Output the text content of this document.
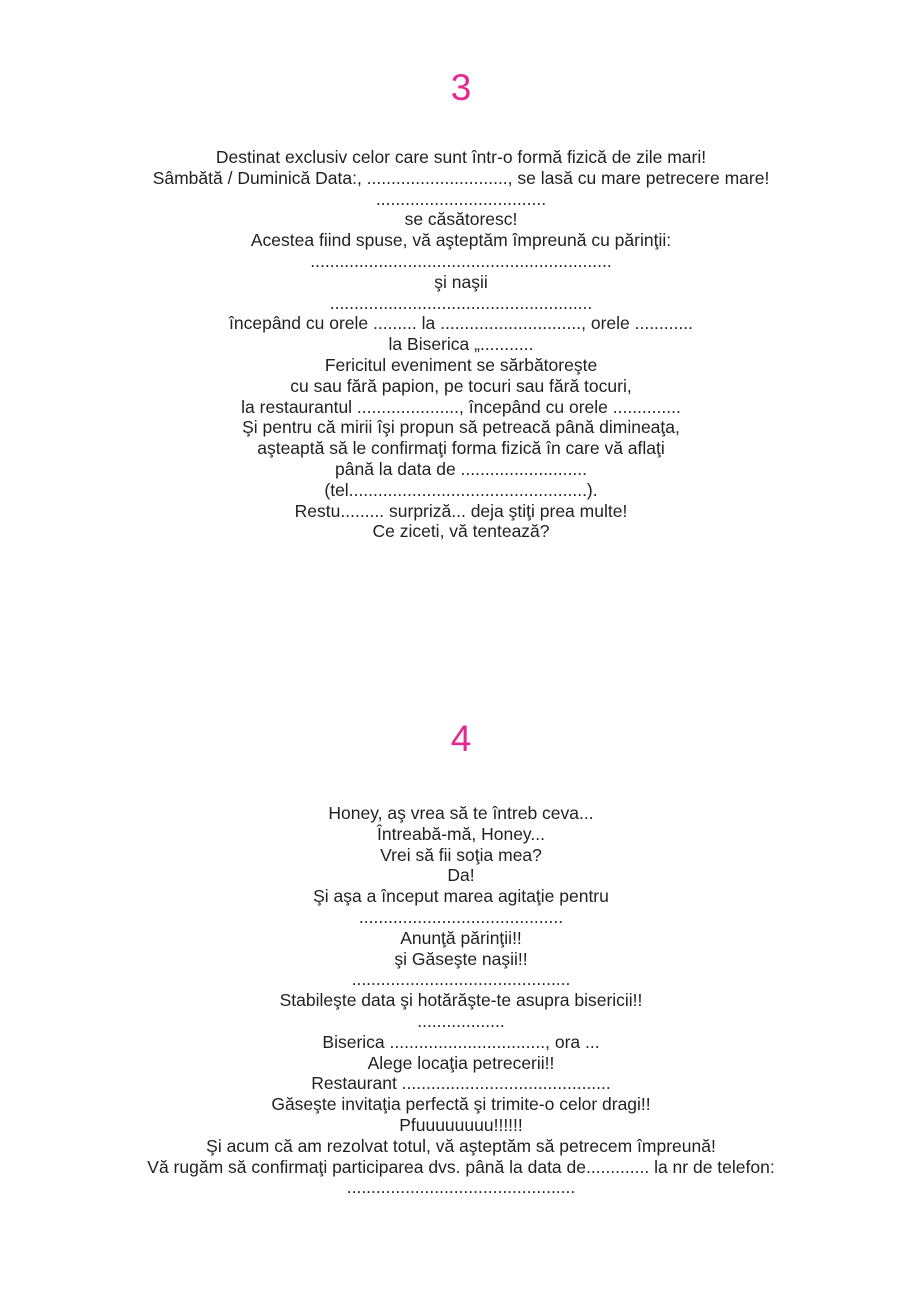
3
Destinat exclusiv celor care sunt într-o formă fizică de zile mari!
Sâmbătă / Duminică Data:, ............................., se lasă cu mare petrecere mare!
...................................
se căsătoresc!
Acestea fiind spuse, vă aşteptăm împreună cu părinţii:
..............................................................
şi naşii
......................................................
începând cu orele ......... la ............................., orele ............
la Biserica „...........
Fericitul eveniment se sărbătoreşte
cu sau fără papion, pe tocuri sau fără tocuri,
la restaurantul ....................., începând cu orele ..............
Şi pentru că mirii îşi propun să petreacă până dimineaţa,
aşteaptă să le confirmaţi forma fizică în care vă aflaţi
până la data de ..........................
(tel.................................................).
Restu......... surpriză... deja ştiţi prea multe!
Ce ziceti, vă tentează?
4
Honey, aş vrea să te întreb ceva...
Întreabă-mă, Honey...
Vrei să fii soţia mea?
Da!
Şi aşa a început marea agitaţie pentru
..........................................
Anunţă părinţii!!
şi Găseşte naşii!!
.............................................
Stabileşte data şi hotărăşte-te asupra bisericii!!
..................
Biserica ................................, ora ...
Alege locaţia petrecerii!!
Restaurant ...........................................
Găseşte invitaţia perfectă şi trimite-o celor dragi!!
Pfuuuuuuuu!!!!!!
Şi acum că am rezolvat totul, vă aşteptăm să petrecem împreună!
Vă rugăm să confirmaţi participarea dvs. până la data de............. la nr de telefon:
...............................................
